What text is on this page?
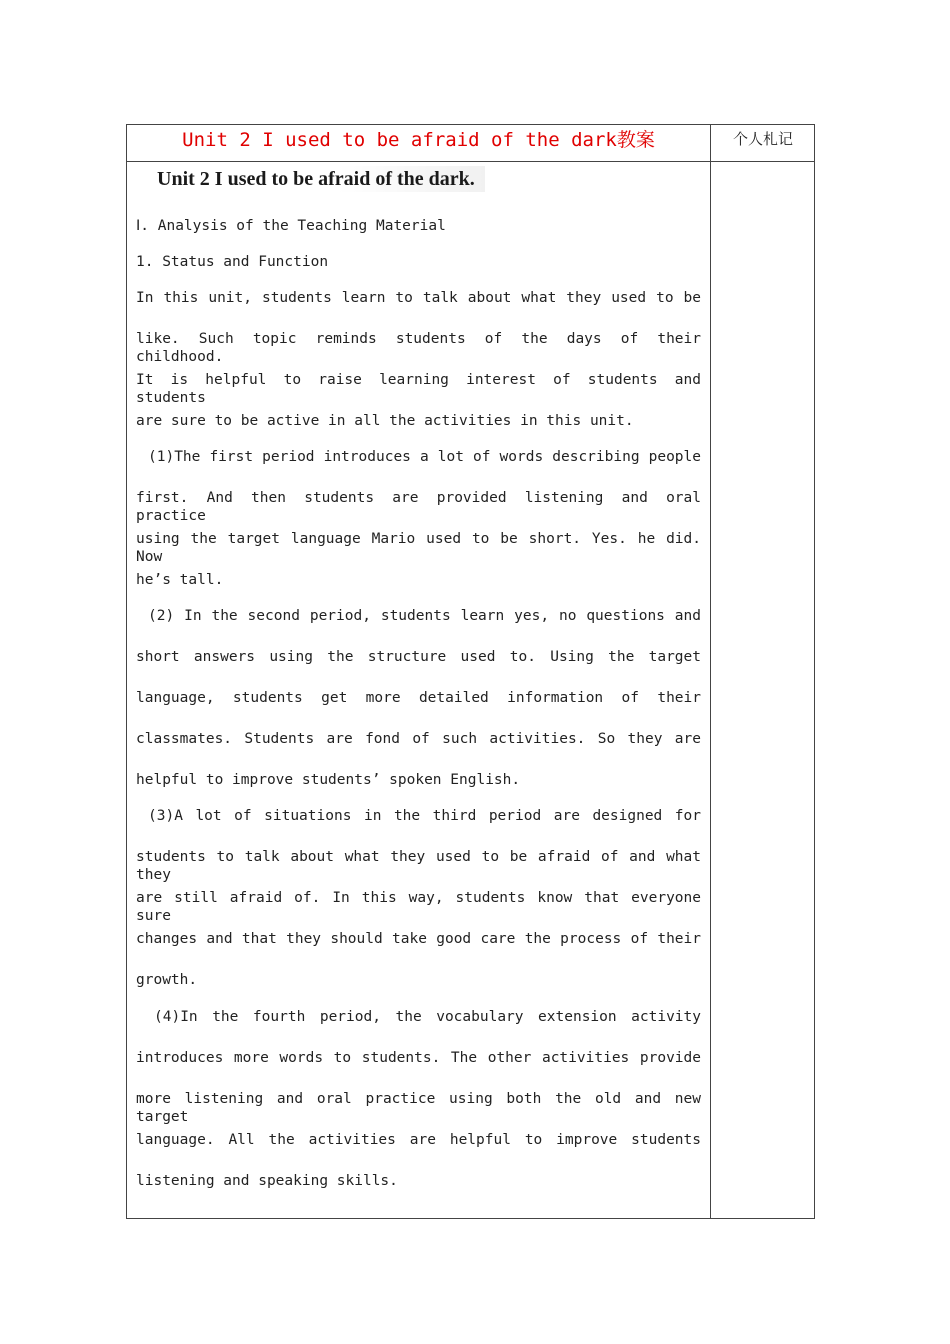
Unit 2 I used to be afraid of the dark教案	个人札记
Unit 2 I used to be afraid of the dark.
Ⅰ. Analysis of the Teaching Material
1. Status and Function
In this unit, students learn to talk about what they used to be
like. Such topic reminds students of the days of their childhood.
It is helpful to raise learning interest of students and students
are sure to be active in all the activities in this unit.
(1)The first period introduces a lot of words describing people
first. And then students are provided listening and oral practice
using the target language Mario used to be short. Yes. he did. Now
he’s tall.
(2) In the second period, students learn yes, no questions and
short answers using the structure used to. Using the target
language, students get more detailed information of their
classmates. Students are fond of such activities. So they are
helpful to improve students’ spoken English.
(3)A lot of situations in the third period are designed for
students to talk about what they used to be afraid of and what they
are still afraid of. In this way, students know that everyone sure
changes and that they should take good care the process of their
growth.
(4)In the fourth period, the vocabulary extension activity
introduces more words to students. The other activities provide
more listening and oral practice using both the old and new target
language. All the activities are helpful to improve students
listening and speaking skills.
